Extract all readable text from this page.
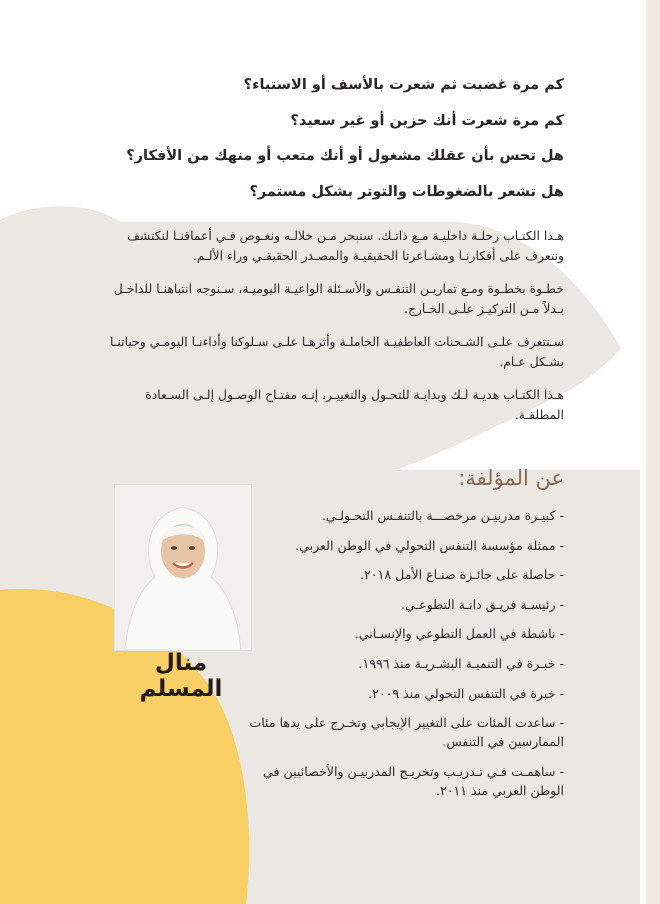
كم مرة غضبت ثم شعرت بالأسف أو الاستياء؟
كم مرة شعرت أنك حزين أو غير سعيد؟
هل تحس بأن عقلك مشغول أو أنك متعب أو منهك من الأفكار؟
هل تشعر بالضغوطات والتوتر بشكل مستمر؟

هـذا الكتـاب رحلـة داخليـة مـع ذاتـك. سنبحر مـن خلالـه ونغـوص فـي أعماقنـا لنكتشف ونتعرف على أفكارنـا ومشـاعرنا الحقيقيـة والمصـدر الحقيقـي وراء الألـم.

خطـوة بخطـوة ومـع تماريـن التنفـس والأسـئلة الواعيـة اليوميـة، سـنوجه انتباهنـا للداخـل بـدلاً مـن التركيـز علـى الخـارج.

سـنتعرف علـى الشـحنات العاطفيـة الخاملـة وأثرهـا علـى سـلوكنا وأداءنـا اليومـي وحياتنـا بشـكل عـام.

هـذا الكتـاب هديـة لـك وبدايـة للتحـول والتغييـر، إنـه مفتـاح الوصـول إلـى السـعادة المطلقـة.

عن المؤلفة:
-كبيـرة مدربيـن مرخصـــة بالتنفـس التحـولـي.
-ممثلة مؤسسة التنفس التحولي في الوطن العربي.
-حاصلة على جائـزة صنـاع الأمل ٢٠١٨.
-رئيسـة فريـق دانـة التطوعـي.
-ناشطة في العمل التطوعي والإنسـاني.
-خبـرة في التنميـة البشـريـة منذ ١٩٩٦.
-خبرة في التنفس التحولي منذ ٢٠٠٩.
-ساعدت المئات على التغيير الإيجابي وتخـرج على يدها مئات الممارسين في التنفس.
-ساهمـت فـي تـدريـب وتخريـج المدربيـن والأخصائيين في الوطن العربي منذ ٢٠١١.
منال المسلم
